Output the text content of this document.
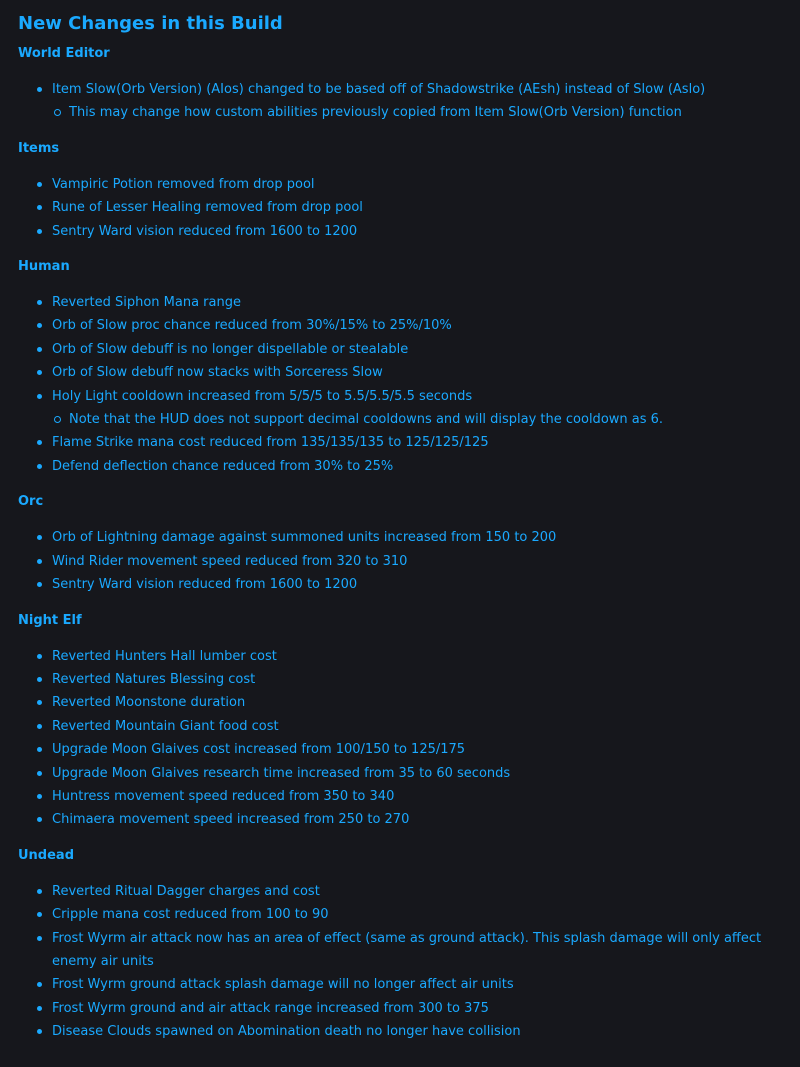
New Changes in this Build
World Editor
Item Slow(Orb Version) (AIos) changed to be based off of Shadowstrike (AEsh) instead of Slow (Aslo)
This may change how custom abilities previously copied from Item Slow(Orb Version) function
Items
Vampiric Potion removed from drop pool
Rune of Lesser Healing removed from drop pool
Sentry Ward vision reduced from 1600 to 1200
Human
Reverted Siphon Mana range
Orb of Slow proc chance reduced from 30%/15% to 25%/10%
Orb of Slow debuff is no longer dispellable or stealable
Orb of Slow debuff now stacks with Sorceress Slow
Holy Light cooldown increased from 5/5/5 to 5.5/5.5/5.5 seconds
Note that the HUD does not support decimal cooldowns and will display the cooldown as 6.
Flame Strike mana cost reduced from 135/135/135 to 125/125/125
Defend deflection chance reduced from 30% to 25%
Orc
Orb of Lightning damage against summoned units increased from 150 to 200
Wind Rider movement speed reduced from 320 to 310
Sentry Ward vision reduced from 1600 to 1200
Night Elf
Reverted Hunters Hall lumber cost
Reverted Natures Blessing cost
Reverted Moonstone duration
Reverted Mountain Giant food cost
Upgrade Moon Glaives cost increased from 100/150 to 125/175
Upgrade Moon Glaives research time increased from 35 to 60 seconds
Huntress movement speed reduced from 350 to 340
Chimaera movement speed increased from 250 to 270
Undead
Reverted Ritual Dagger charges and cost
Cripple mana cost reduced from 100 to 90
Frost Wyrm air attack now has an area of effect (same as ground attack). This splash damage will only affect enemy air units
Frost Wyrm ground attack splash damage will no longer affect air units
Frost Wyrm ground and air attack range increased from 300 to 375
Disease Clouds spawned on Abomination death no longer have collision
